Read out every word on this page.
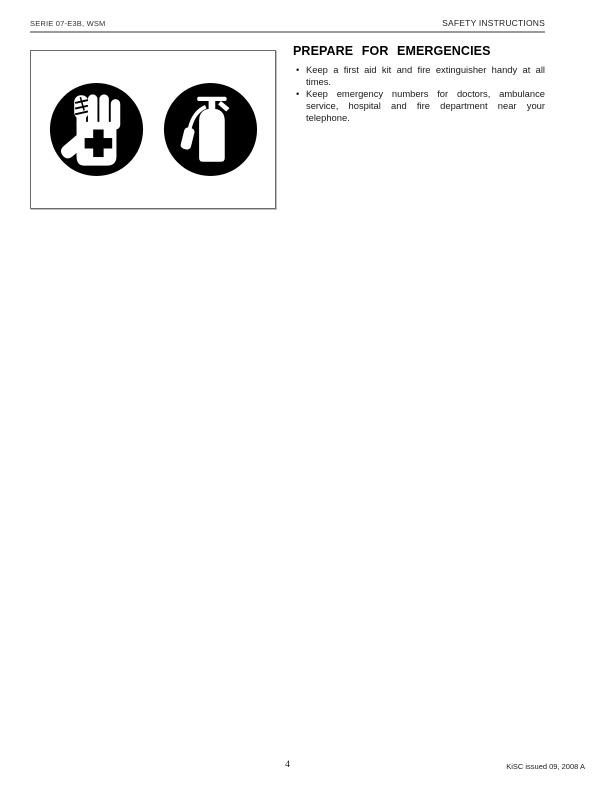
SERIE 07-E3B, WSM	SAFETY INSTRUCTIONS
PREPARE FOR EMERGENCIES
• Keep a first aid kit and fire extinguisher handy at all times.

• Keep emergency numbers for doctors, ambulance service, hospital and fire department near your telephone.

4	KiSC issued 09, 2008 A
